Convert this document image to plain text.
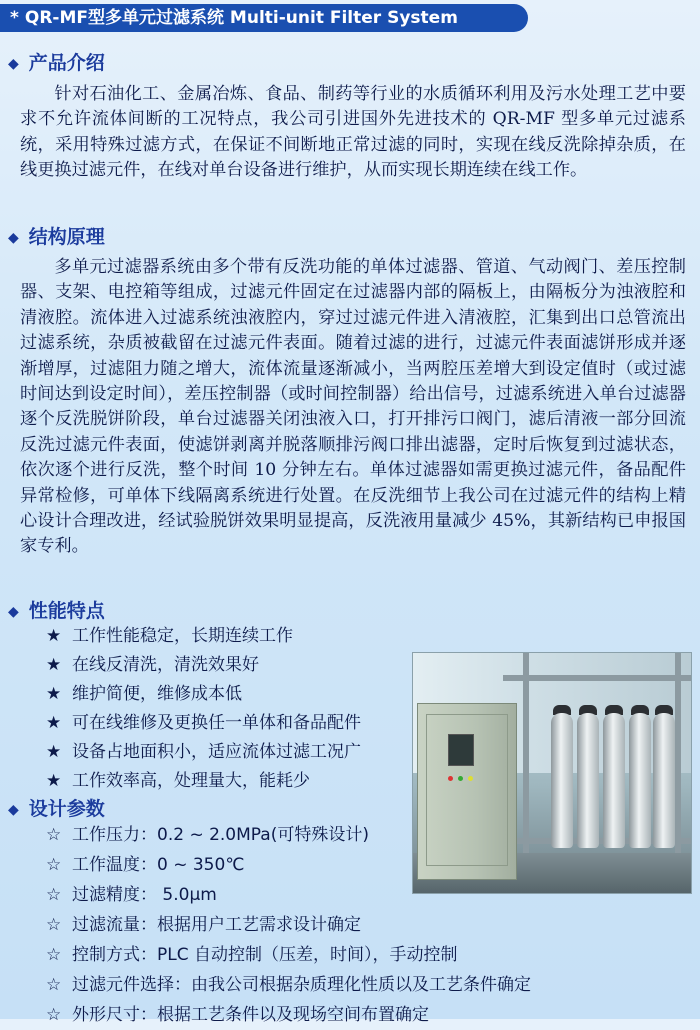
* QR-MF型多单元过滤系统 Multi-unit Filter System
◆ 产品介绍

针对石油化工、金属冶炼、食品、制药等行业的水质循环利用及污水处理工艺中要求不允许流体间断的工况特点，我公司引进国外先进技术的 QR-MF 型多单元过滤系统，采用特殊过滤方式，在保证不间断地正常过滤的同时，实现在线反洗除掉杂质，在线更换过滤元件，在线对单台设备进行维护，从而实现长期连续在线工作。

◆ 结构原理

多单元过滤器系统由多个带有反洗功能的单体过滤器、管道、气动阀门、差压控制器、支架、电控箱等组成，过滤元件固定在过滤器内部的隔板上，由隔板分为浊液腔和清液腔。流体进入过滤系统浊液腔内，穿过过滤元件进入清液腔，汇集到出口总管流出过滤系统，杂质被截留在过滤元件表面。随着过滤的进行，过滤元件表面滤饼形成并逐渐增厚，过滤阻力随之增大，流体流量逐渐减小，当两腔压差增大到设定值时（或过滤时间达到设定时间），差压控制器（或时间控制器）给出信号，过滤系统进入单台过滤器逐个反洗脱饼阶段，单台过滤器关闭浊液入口，打开排污口阀门，滤后清液一部分回流反洗过滤元件表面，使滤饼剥离并脱落顺排污阀口排出滤器，定时后恢复到过滤状态，依次逐个进行反洗，整个时间 10 分钟左右。单体过滤器如需更换过滤元件，备品配件异常检修，可单体下线隔离系统进行处置。在反洗细节上我公司在过滤元件的结构上精心设计合理改进，经试验脱饼效果明显提高，反洗液用量减少 45%，其新结构已申报国家专利。

◆ 性能特点
★ 工作性能稳定，长期连续工作
★ 在线反清洗，清洗效果好
★ 维护简便，维修成本低
★ 可在线维修及更换任一单体和备品配件
★ 设备占地面积小，适应流体过滤工况广
★ 工作效率高，处理量大，能耗少
◆ 设计参数
☆ 工作压力：0.2 ~ 2.0MPa(可特殊设计)
☆ 工作温度：0 ~ 350℃
☆ 过滤精度： 5.0μm
☆ 过滤流量：根据用户工艺需求设计确定
☆ 控制方式：PLC 自动控制（压差，时间），手动控制
☆ 过滤元件选择：由我公司根据杂质理化性质以及工艺条件确定
☆ 外形尺寸：根据工艺条件以及现场空间布置确定
